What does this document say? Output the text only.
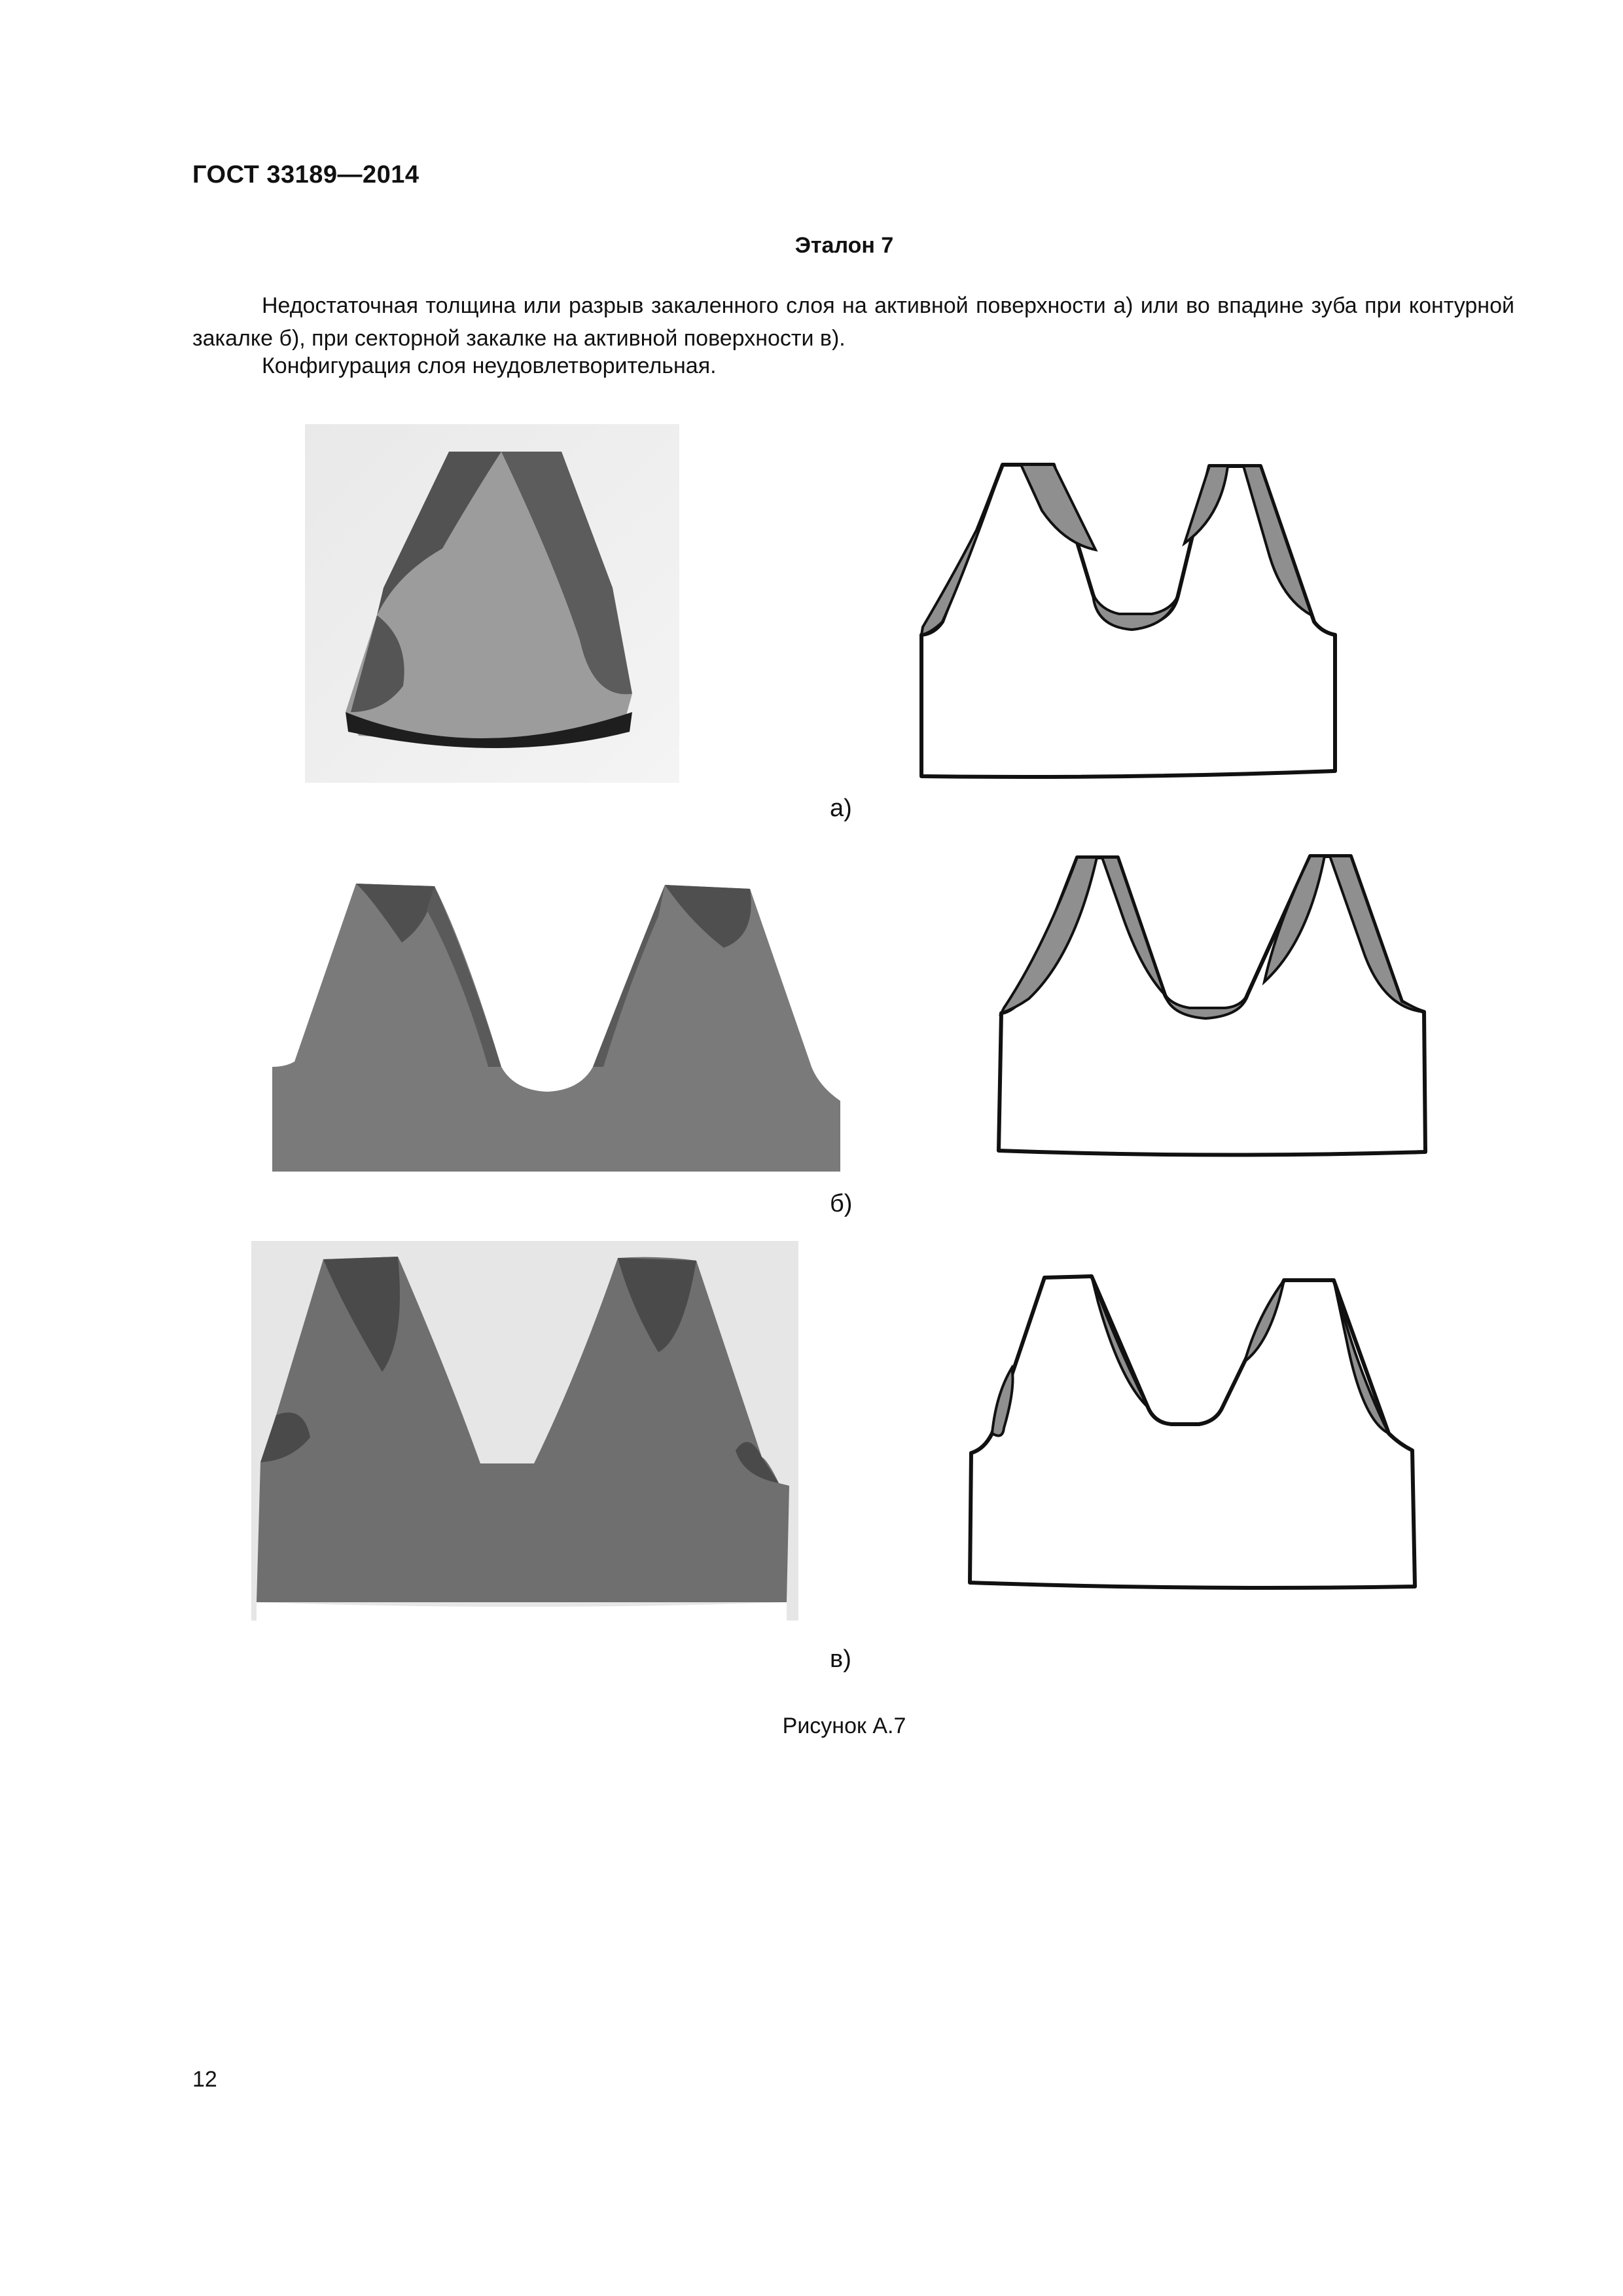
ГОСТ 33189—2014
Эталон 7
Недостаточная толщина или разрыв закаленного слоя на активной поверхности а) или во впадине зуба при контурной закалке б), при секторной закалке на активной поверхности в).
Конфигурация слоя неудовлетворительная.
а)
б)
в)
Рисунок А.7
12
